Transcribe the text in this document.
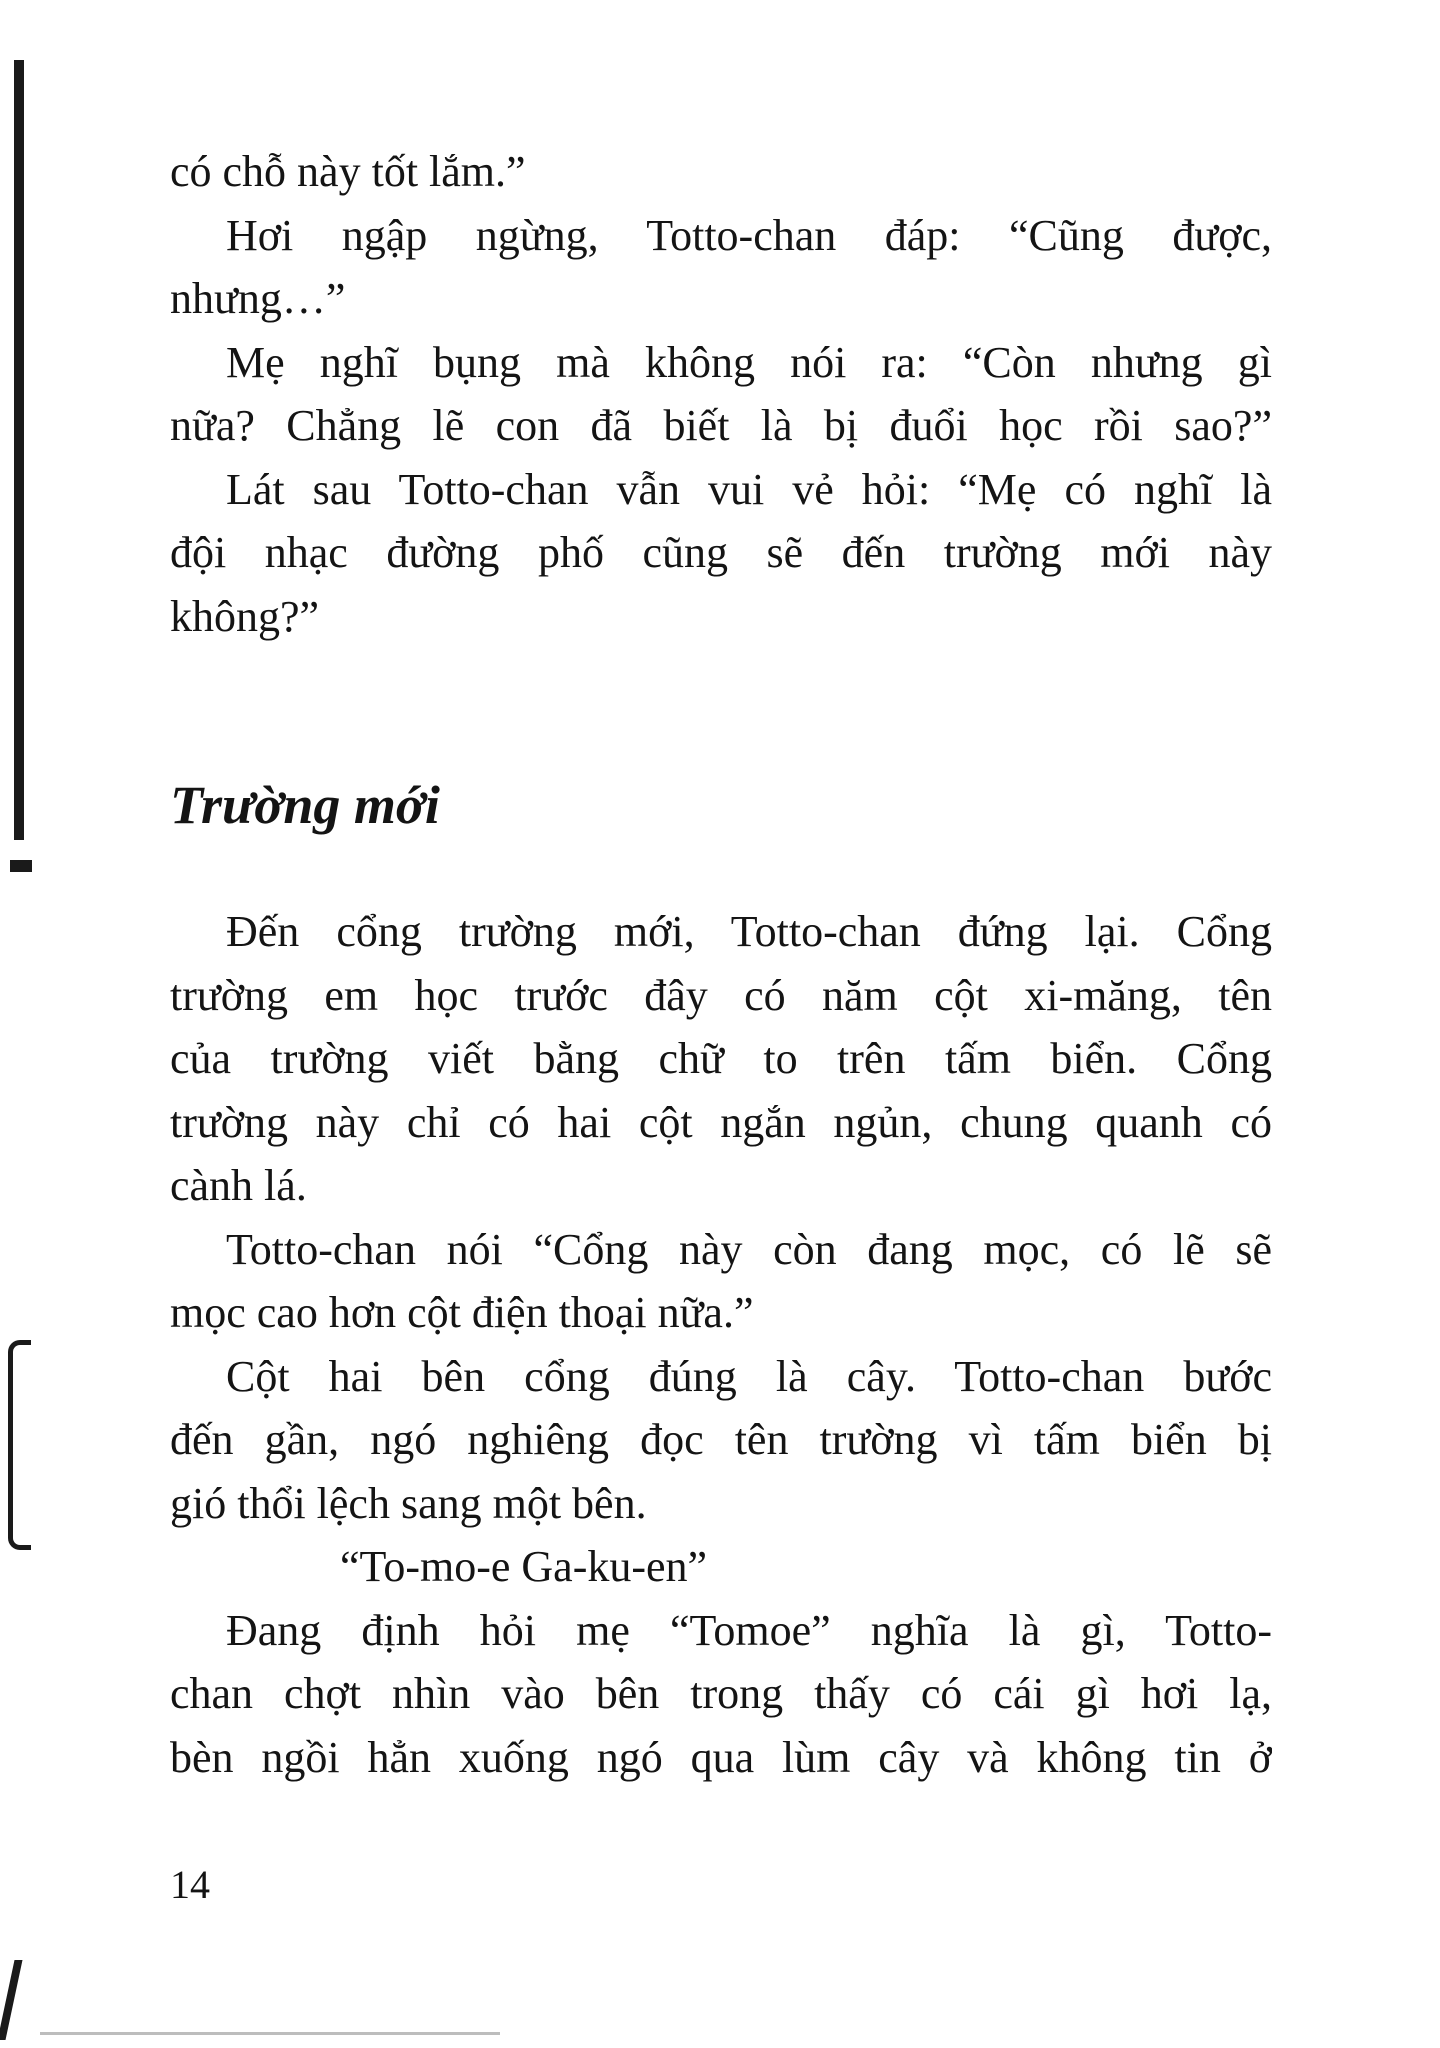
có chỗ này tốt lắm.”
Hơi ngập ngừng, Totto-chan đáp: “Cũng được,
nhưng…”
Mẹ nghĩ bụng mà không nói ra: “Còn nhưng gì
nữa? Chẳng lẽ con đã biết là bị đuổi học rồi sao?”
Lát sau Totto-chan vẫn vui vẻ hỏi: “Mẹ có nghĩ là
đội nhạc đường phố cũng sẽ đến trường mới này
không?”
Trường mới
Đến cổng trường mới, Totto-chan đứng lại. Cổng
trường em học trước đây có năm cột xi-măng, tên
của trường viết bằng chữ to trên tấm biển. Cổng
trường này chỉ có hai cột ngắn ngủn, chung quanh có
cành lá.
Totto-chan nói “Cổng này còn đang mọc, có lẽ sẽ
mọc cao hơn cột điện thoại nữa.”
Cột hai bên cổng đúng là cây. Totto-chan bước
đến gần, ngó nghiêng đọc tên trường vì tấm biển bị
gió thổi lệch sang một bên.
“To-mo-e Ga-ku-en”
Đang định hỏi mẹ “Tomoe” nghĩa là gì, Totto-
chan chợt nhìn vào bên trong thấy có cái gì hơi lạ,
bèn ngồi hẳn xuống ngó qua lùm cây và không tin ở
14
